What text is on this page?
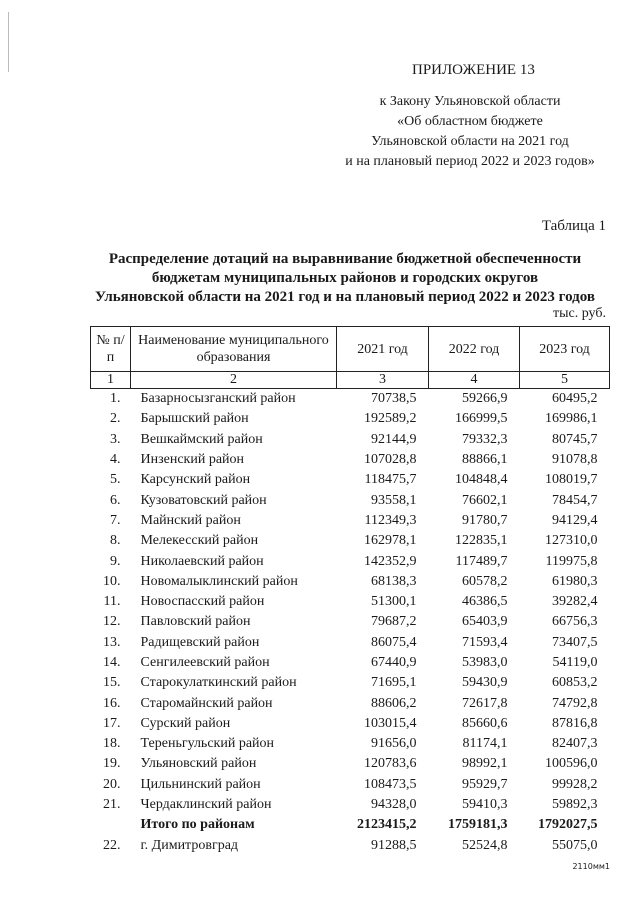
ПРИЛОЖЕНИЕ 13
к Закону Ульяновской области
«Об областном бюджете
Ульяновской области на 2021 год
и на плановый период 2022 и 2023 годов»
Таблица 1
Распределение дотаций на выравнивание бюджетной обеспеченности
бюджетам муниципальных районов и городских округов
Ульяновской области на 2021 год и на плановый период 2022 и 2023 годов
тыс. руб.
№ п/п	Наименование муниципального образования	2021 год	2022 год	2023 год
1	2	3	4	5
1.	Базарносызганский район	70738,5	59266,9	60495,2
2.	Барышский район	192589,2	166999,5	169986,1
3.	Вешкаймский район	92144,9	79332,3	80745,7
4.	Инзенский район	107028,8	88866,1	91078,8
5.	Карсунский район	118475,7	104848,4	108019,7
6.	Кузоватовский район	93558,1	76602,1	78454,7
7.	Майнский район	112349,3	91780,7	94129,4
8.	Мелекесский район	162978,1	122835,1	127310,0
9.	Николаевский район	142352,9	117489,7	119975,8
10.	Новомалыклинский район	68138,3	60578,2	61980,3
11.	Новоспасский район	51300,1	46386,5	39282,4
12.	Павловский район	79687,2	65403,9	66756,3
13.	Радищевский район	86075,4	71593,4	73407,5
14.	Сенгилеевский район	67440,9	53983,0	54119,0
15.	Старокулаткинский район	71695,1	59430,9	60853,2
16.	Старомайнский район	88606,2	72617,8	74792,8
17.	Сурский район	103015,4	85660,6	87816,8
18.	Тереньгульский район	91656,0	81174,1	82407,3
19.	Ульяновский район	120783,6	98992,1	100596,0
20.	Цильнинский район	108473,5	95929,7	99928,2
21.	Чердаклинский район	94328,0	59410,3	59892,3
	Итого по районам	2123415,2	1759181,3	1792027,5
22.	г. Димитровград	91288,5	52524,8	55075,0
2110мм1
